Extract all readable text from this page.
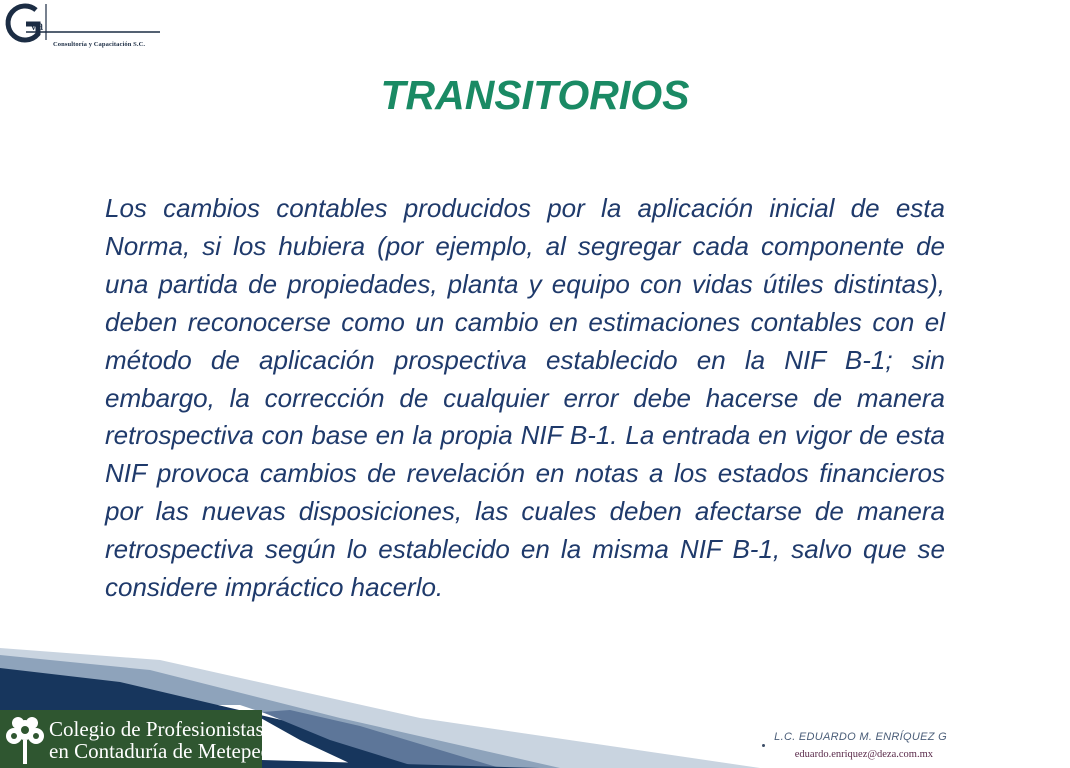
va
Consultoría y Capacitación S.C.
TRANSITORIOS

Los cambios contables producidos por la aplicación inicial de esta Norma, si los hubiera (por ejemplo, al segregar cada componente de una partida de propiedades, planta y equipo con vidas útiles distintas), deben reconocerse como un cambio en estimaciones contables con el método de aplicación prospectiva establecido en la NIF B-1; sin embargo, la corrección de cualquier error debe hacerse de manera retrospectiva con base en la propia NIF B-1. La entrada en vigor de esta NIF provoca cambios de revelación en notas a los estados financieros por las nuevas disposiciones, las cuales deben afectarse de manera retrospectiva según lo establecido en la misma NIF B-1, salvo que se considere impráctico hacerlo.

Colegio de Profesionistas
en Contaduría de Metepec A.C.
L.C. EDUARDO M. ENRÍQUEZ G
eduardo.enriquez@deza.com.mx
